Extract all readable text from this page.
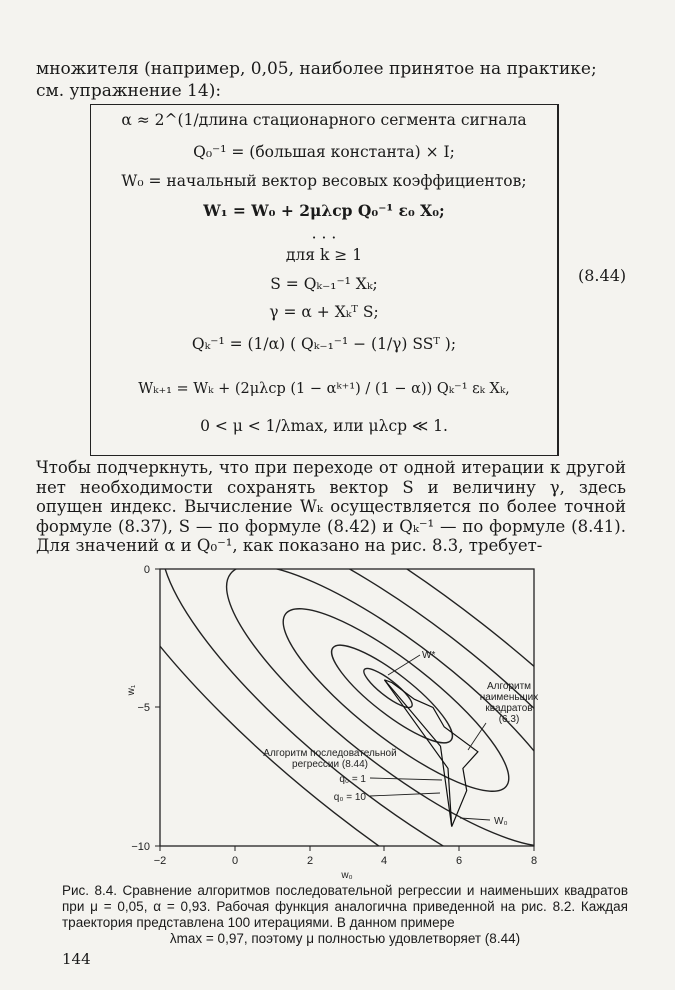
множителя (например, 0,05, наиболее принятое на практике; см. упражнение 14):
α ≈ 2^(1/длина стационарного сегмента сигнала
Q₀⁻¹ = (большая константа) × I;
W₀ = начальный вектор весовых коэффициентов;
W₁ = W₀ + 2μλср Q₀⁻¹ ε₀ X₀;
· · ·
для k ≥ 1
S = Qₖ₋₁⁻¹ Xₖ;
γ = α + Xₖᵀ S;
Qₖ⁻¹ = (1/α) ( Qₖ₋₁⁻¹ − (1/γ) SSᵀ );
Wₖ₊₁ = Wₖ + (2μλср (1 − αᵏ⁺¹) / (1 − α)) Qₖ⁻¹ εₖ Xₖ,
0 < μ < 1/λmax, или μλср ≪ 1.
(8.44)

Чтобы подчеркнуть, что при переходе от одной итерации к другой нет необходимости сохранять вектор S и величину γ, здесь опущен индекс. Вычисление Wₖ осуществляется по более точной формуле (8.37), S — по формуле (8.42) и Qₖ⁻¹ — по формуле (8.41). Для значений α и Q₀⁻¹, как показано на рис. 8.3, требует-

−2	0	2	4	6	8
0
−5
−10
w₀
w₁
W*
W₀
Алгоритм
наименьших
квадратов
(6.3)
Алгоритм последовательной
регрессии (8.44)
q₀ = 1
q₀ = 10
Рис. 8.4. Сравнение алгоритмов последовательной регрессии и наименьших квадратов при μ = 0,05, α = 0,93. Рабочая функция аналогична приведенной на рис. 8.2. Каждая траектория представлена 100 итерациями. В данном примере
λmax = 0,97, поэтому μ полностью удовлетворяет (8.44)
144
